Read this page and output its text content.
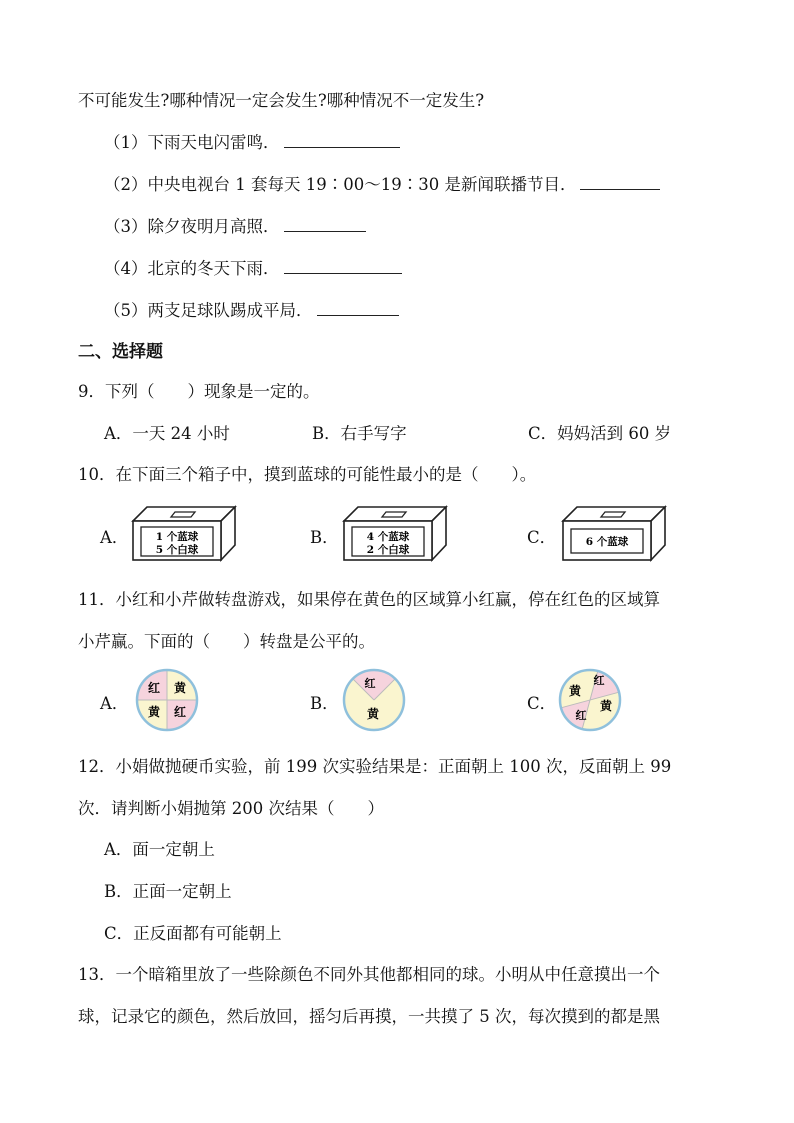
不可能发生?哪种情况一定会发生?哪种情况不一定发生?
（1）下雨天电闪雷鸣．
（2）中央电视台 1 套每天 19∶00～19∶30 是新闻联播节目．
（3）除夕夜明月高照．
（4）北京的冬天下雨．
（5）两支足球队踢成平局．
二、选择题
9．下列（　　）现象是一定的。
A．一天 24 小时	B．右手写字	C．妈妈活到 60 岁
10．在下面三个箱子中，摸到蓝球的可能性最小的是（　　）。
A．	1 个蓝球
5 个白球
B．	4 个蓝球
2 个白球
C．	6 个蓝球
11．小红和小芹做转盘游戏，如果停在黄色的区域算小红赢，停在红色的区域算
小芹赢。下面的（　　）转盘是公平的。
A．
红 黄
黄 红	B．
红
黄
C．
黄
红
红
黄
12．小娟做抛硬币实验，前 199 次实验结果是：正面朝上 100 次，反面朝上 99
次．请判断小娟抛第 200 次结果（　　）
A．面一定朝上
B．正面一定朝上
C．正反面都有可能朝上
13．一个暗箱里放了一些除颜色不同外其他都相同的球。小明从中任意摸出一个
球，记录它的颜色，然后放回，摇匀后再摸，一共摸了 5 次，每次摸到的都是黑
